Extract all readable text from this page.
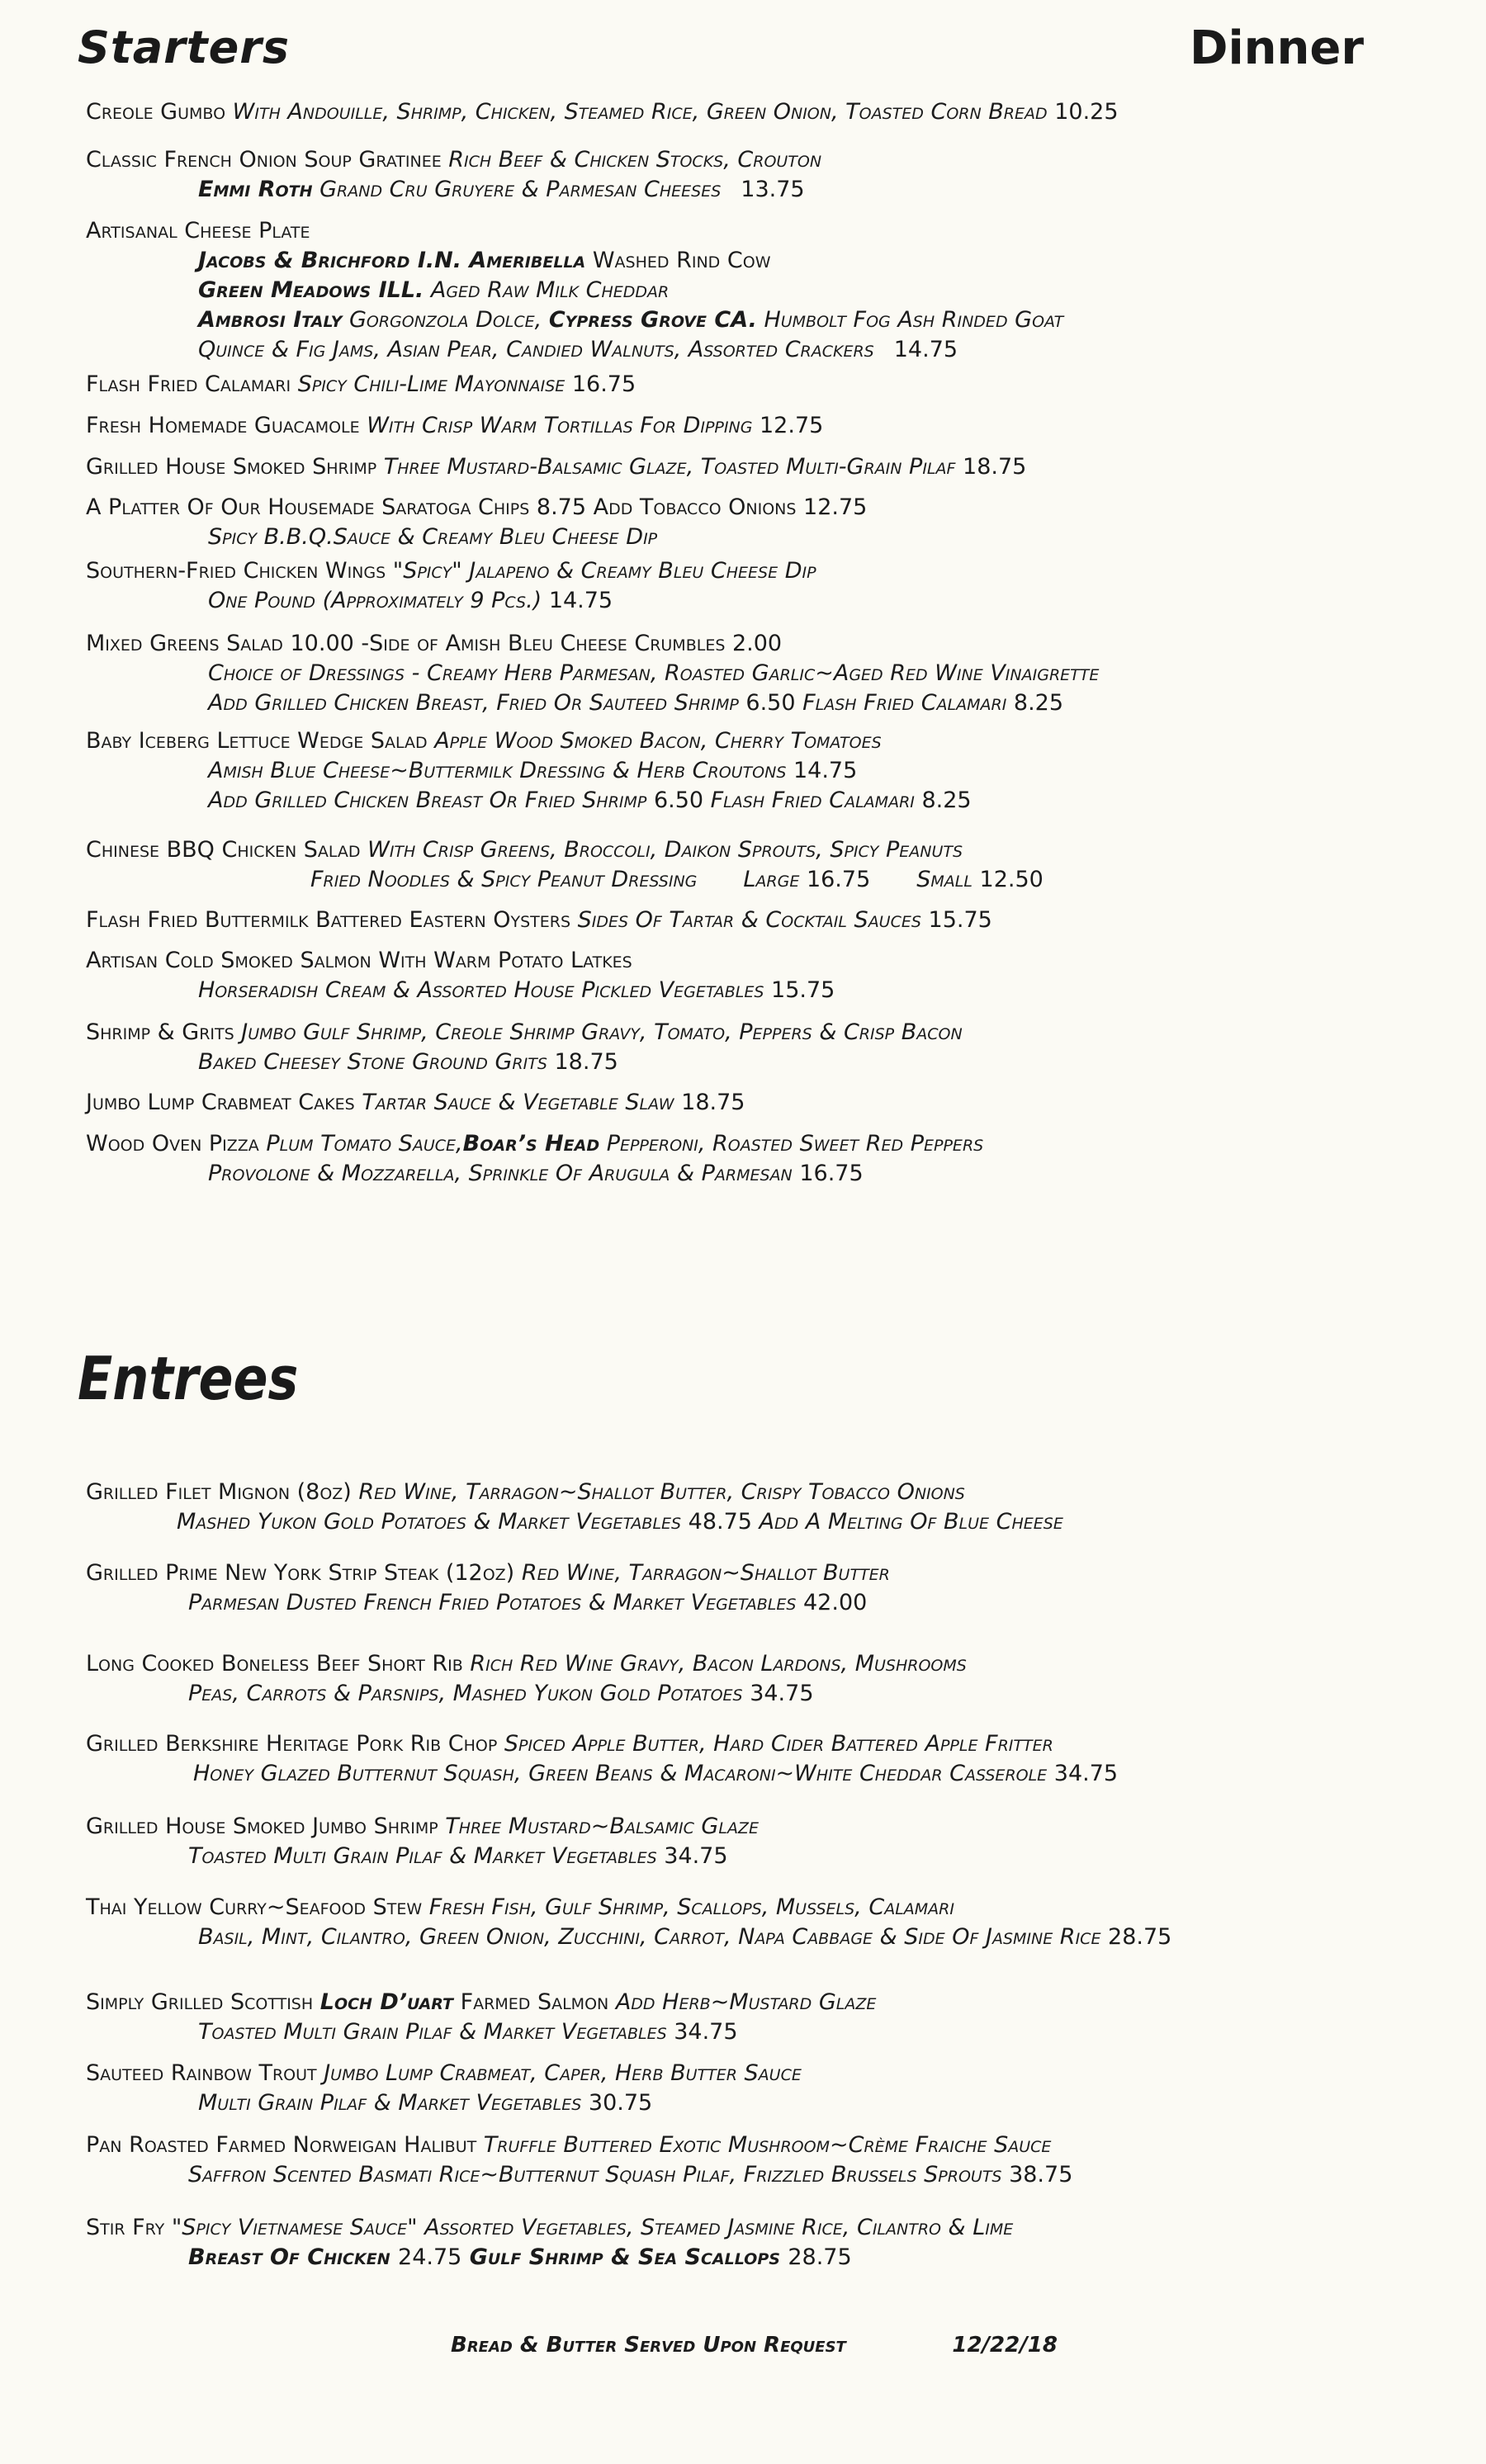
Starters	Dinner
Creole Gumbo With Andouille, Shrimp, Chicken, Steamed Rice, Green Onion, Toasted Corn Bread 10.25
Classic French Onion Soup Gratinee Rich Beef & Chicken Stocks, Crouton
Emmi Roth Grand Cru Gruyere & Parmesan Cheeses 13.75
Artisanal Cheese Plate
Jacobs & Brichford I.N. Ameribella Washed Rind Cow
Green Meadows ILL. Aged Raw Milk Cheddar
Ambrosi Italy Gorgonzola Dolce, Cypress Grove CA. Humbolt Fog Ash Rinded Goat
Quince & Fig Jams, Asian Pear, Candied Walnuts, Assorted Crackers 14.75
Flash Fried Calamari Spicy Chili-Lime Mayonnaise 16.75
Fresh Homemade Guacamole With Crisp Warm Tortillas For Dipping 12.75
Grilled House Smoked Shrimp Three Mustard-Balsamic Glaze, Toasted Multi-Grain Pilaf 18.75
A Platter Of Our Housemade Saratoga Chips 8.75 Add Tobacco Onions 12.75
Spicy B.B.Q.Sauce & Creamy Bleu Cheese Dip
Southern-Fried Chicken Wings "Spicy" Jalapeno & Creamy Bleu Cheese Dip
One Pound (Approximately 9 Pcs.) 14.75
Mixed Greens Salad 10.00 -Side of Amish Bleu Cheese Crumbles 2.00
Choice of Dressings - Creamy Herb Parmesan, Roasted Garlic~Aged Red Wine Vinaigrette
Add Grilled Chicken Breast, Fried Or Sauteed Shrimp 6.50 Flash Fried Calamari 8.25
Baby Iceberg Lettuce Wedge Salad Apple Wood Smoked Bacon, Cherry Tomatoes
Amish Blue Cheese~Buttermilk Dressing & Herb Croutons 14.75
Add Grilled Chicken Breast Or Fried Shrimp 6.50 Flash Fried Calamari 8.25
Chinese BBQ Chicken Salad With Crisp Greens, Broccoli, Daikon Sprouts, Spicy Peanuts
Fried Noodles & Spicy Peanut Dressing Large 16.75 Small 12.50
Flash Fried Buttermilk Battered Eastern Oysters Sides Of Tartar & Cocktail Sauces 15.75
Artisan Cold Smoked Salmon With Warm Potato Latkes
Horseradish Cream & Assorted House Pickled Vegetables 15.75
Shrimp & Grits Jumbo Gulf Shrimp, Creole Shrimp Gravy, Tomato, Peppers & Crisp Bacon
Baked Cheesey Stone Ground Grits 18.75
Jumbo Lump Crabmeat Cakes Tartar Sauce & Vegetable Slaw 18.75
Wood Oven Pizza Plum Tomato Sauce,Boar’s Head Pepperoni, Roasted Sweet Red Peppers
Provolone & Mozzarella, Sprinkle Of Arugula & Parmesan 16.75
Entrees
Grilled Filet Mignon (8oz) Red Wine, Tarragon~Shallot Butter, Crispy Tobacco Onions
Mashed Yukon Gold Potatoes & Market Vegetables 48.75 Add A Melting Of Blue Cheese
Grilled Prime New York Strip Steak (12oz) Red Wine, Tarragon~Shallot Butter
Parmesan Dusted French Fried Potatoes & Market Vegetables 42.00
Long Cooked Boneless Beef Short Rib Rich Red Wine Gravy, Bacon Lardons, Mushrooms
Peas, Carrots & Parsnips, Mashed Yukon Gold Potatoes 34.75
Grilled Berkshire Heritage Pork Rib Chop Spiced Apple Butter, Hard Cider Battered Apple Fritter
Honey Glazed Butternut Squash, Green Beans & Macaroni~White Cheddar Casserole 34.75
Grilled House Smoked Jumbo Shrimp Three Mustard~Balsamic Glaze
Toasted Multi Grain Pilaf & Market Vegetables 34.75
Thai Yellow Curry~Seafood Stew Fresh Fish, Gulf Shrimp, Scallops, Mussels, Calamari
Basil, Mint, Cilantro, Green Onion, Zucchini, Carrot, Napa Cabbage & Side Of Jasmine Rice 28.75
Simply Grilled Scottish Loch D’uart Farmed Salmon Add Herb~Mustard Glaze
Toasted Multi Grain Pilaf & Market Vegetables 34.75
Sauteed Rainbow Trout Jumbo Lump Crabmeat, Caper, Herb Butter Sauce
Multi Grain Pilaf & Market Vegetables 30.75
Pan Roasted Farmed Norweigan Halibut Truffle Buttered Exotic Mushroom~Crème Fraiche Sauce
Saffron Scented Basmati Rice~Butternut Squash Pilaf, Frizzled Brussels Sprouts 38.75
Stir Fry "Spicy Vietnamese Sauce" Assorted Vegetables, Steamed Jasmine Rice, Cilantro & Lime
Breast Of Chicken 24.75 Gulf Shrimp & Sea Scallops 28.75
Bread & Butter Served Upon Request	12/22/18
